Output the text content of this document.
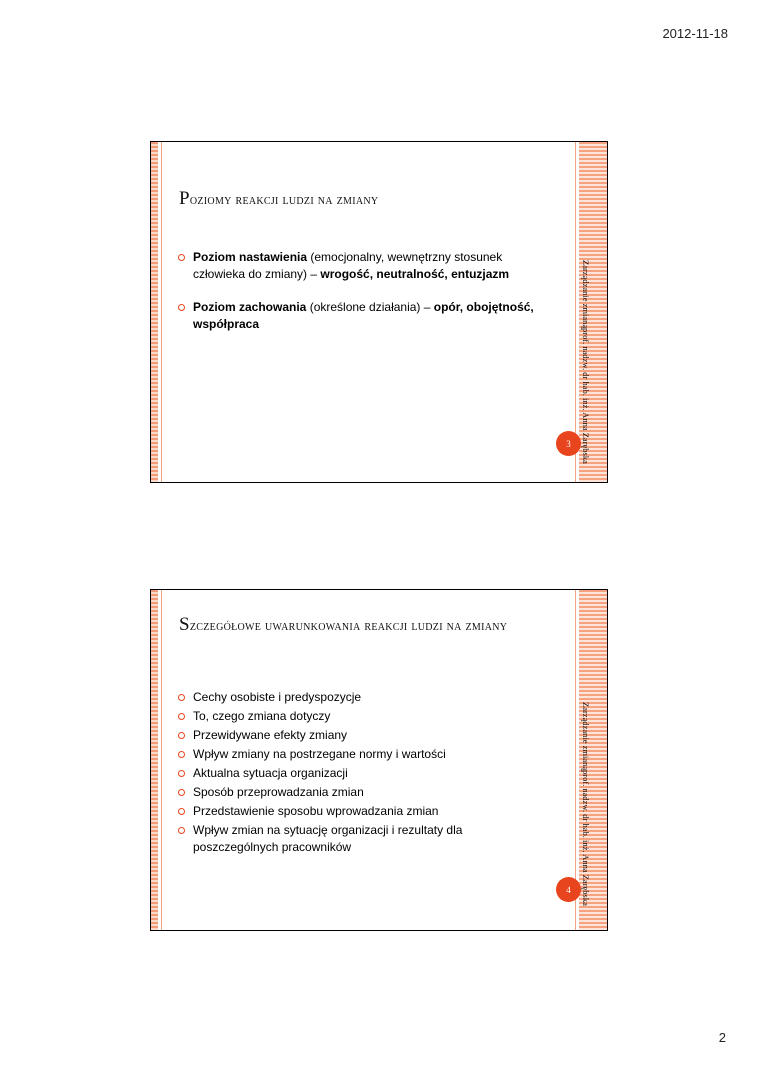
2012-11-18
Zarządzanie zmianą
prof. nadzw. dr hab. inż. Anna Zarębska
3
Poziomy reakcji ludzi na zmiany
Poziom nastawienia (emocjonalny, wewnętrzny stosunek człowieka do zmiany) – wrogość, neutralność, entuzjazm
Poziom zachowania (określone działania) – opór, obojętność, współpraca
Zarządzanie zmianą
prof. nadzw. dr hab. inż. Anna Zarębska
4
Szczegółowe uwarunkowania reakcji ludzi na zmiany
Cechy osobiste i predyspozycje
To, czego zmiana dotyczy
Przewidywane efekty zmiany
Wpływ zmiany na postrzegane normy i wartości
Aktualna sytuacja organizacji
Sposób przeprowadzania zmian
Przedstawienie sposobu wprowadzania zmian
Wpływ zmian na sytuację organizacji i rezultaty dla poszczególnych pracowników
2
